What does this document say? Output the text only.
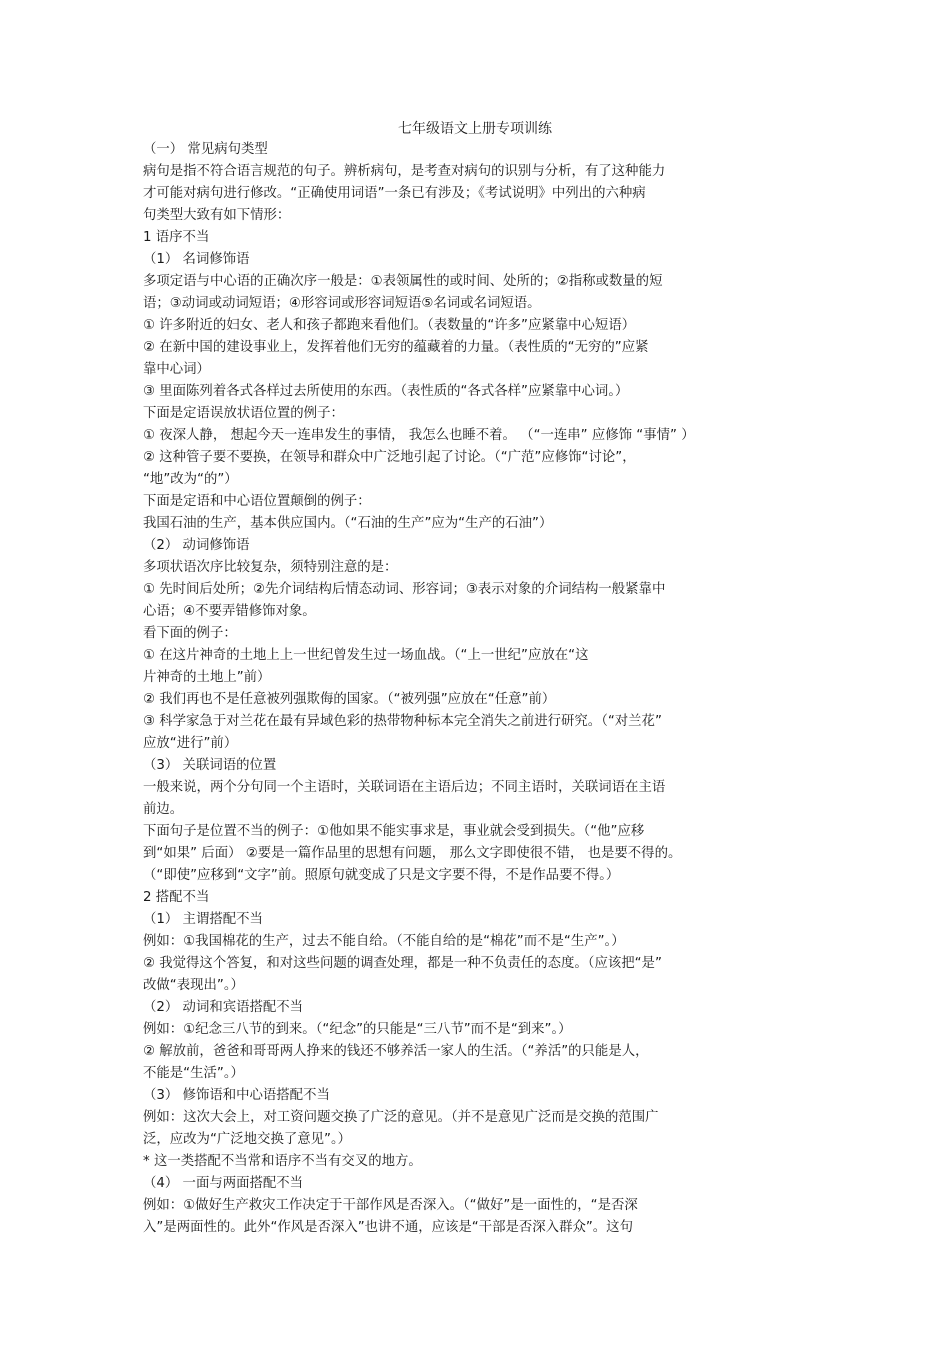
七年级语文上册专项训练
（一） 常见病句类型
病句是指不符合语言规范的句子。辨析病句，是考查对病句的识别与分析，有了这种能力
才可能对病句进行修改。“正确使用词语”一条已有涉及；《考试说明》中列出的六种病
句类型大致有如下情形：
1 语序不当
（1） 名词修饰语
多项定语与中心语的正确次序一般是：①表领属性的或时间、处所的；②指称或数量的短
语；③动词或动词短语；④形容词或形容词短语⑤名词或名词短语。
① 许多附近的妇女、老人和孩子都跑来看他们。（表数量的“许多”应紧靠中心短语）
② 在新中国的建设事业上，发挥着他们无穷的蕴藏着的力量。（表性质的“无穷的”应紧
靠中心词）
③ 里面陈列着各式各样过去所使用的东西。（表性质的“各式各样”应紧靠中心词。）
下面是定语误放状语位置的例子：
① 夜深人静， 想起今天一连串发生的事情， 我怎么也睡不着。 （“一连串” 应修饰 “事情” ）
② 这种管子要不要换，在领导和群众中广泛地引起了讨论。（“广范”应修饰“讨论”，
“地”改为“的”）
下面是定语和中心语位置颠倒的例子：
我国石油的生产，基本供应国内。（“石油的生产”应为“生产的石油”）
（2） 动词修饰语
多项状语次序比较复杂，须特别注意的是：
① 先时间后处所；②先介词结构后情态动词、形容词；③表示对象的介词结构一般紧靠中
心语；④不要弄错修饰对象。
看下面的例子：
① 在这片神奇的土地上上一世纪曾发生过一场血战。（“上一世纪”应放在“这
片神奇的土地上”前）
② 我们再也不是任意被列强欺侮的国家。（“被列强”应放在“任意”前）
③ 科学家急于对兰花在最有异域色彩的热带物种标本完全消失之前进行研究。（“对兰花”
应放“进行”前）
（3） 关联词语的位置
一般来说，两个分句同一个主语时，关联词语在主语后边；不同主语时，关联词语在主语
前边。
下面句子是位置不当的例子：①他如果不能实事求是，事业就会受到损失。（“他”应移
到“如果” 后面） ②要是一篇作品里的思想有问题， 那么文字即使很不错， 也是要不得的。
（“即使”应移到“文字”前。照原句就变成了只是文字要不得，不是作品要不得。）
2 搭配不当
（1） 主谓搭配不当
例如：①我国棉花的生产，过去不能自给。（不能自给的是“棉花”而不是“生产”。）
② 我觉得这个答复，和对这些问题的调查处理，都是一种不负责任的态度。（应该把“是”
改做“表现出”。）
（2） 动词和宾语搭配不当
例如：①纪念三八节的到来。（“纪念”的只能是“三八节”而不是“到来”。）
② 解放前，爸爸和哥哥两人挣来的钱还不够养活一家人的生活。（“养活”的只能是人，
不能是“生活”。）
（3） 修饰语和中心语搭配不当
例如：这次大会上，对工资问题交换了广泛的意见。（并不是意见广泛而是交换的范围广
泛，应改为“广泛地交换了意见”。）
* 这一类搭配不当常和语序不当有交叉的地方。
（4） 一面与两面搭配不当
例如：①做好生产救灾工作决定于干部作风是否深入。（“做好”是一面性的，“是否深
入”是两面性的。此外“作风是否深入”也讲不通，应该是“干部是否深入群众”。这句
